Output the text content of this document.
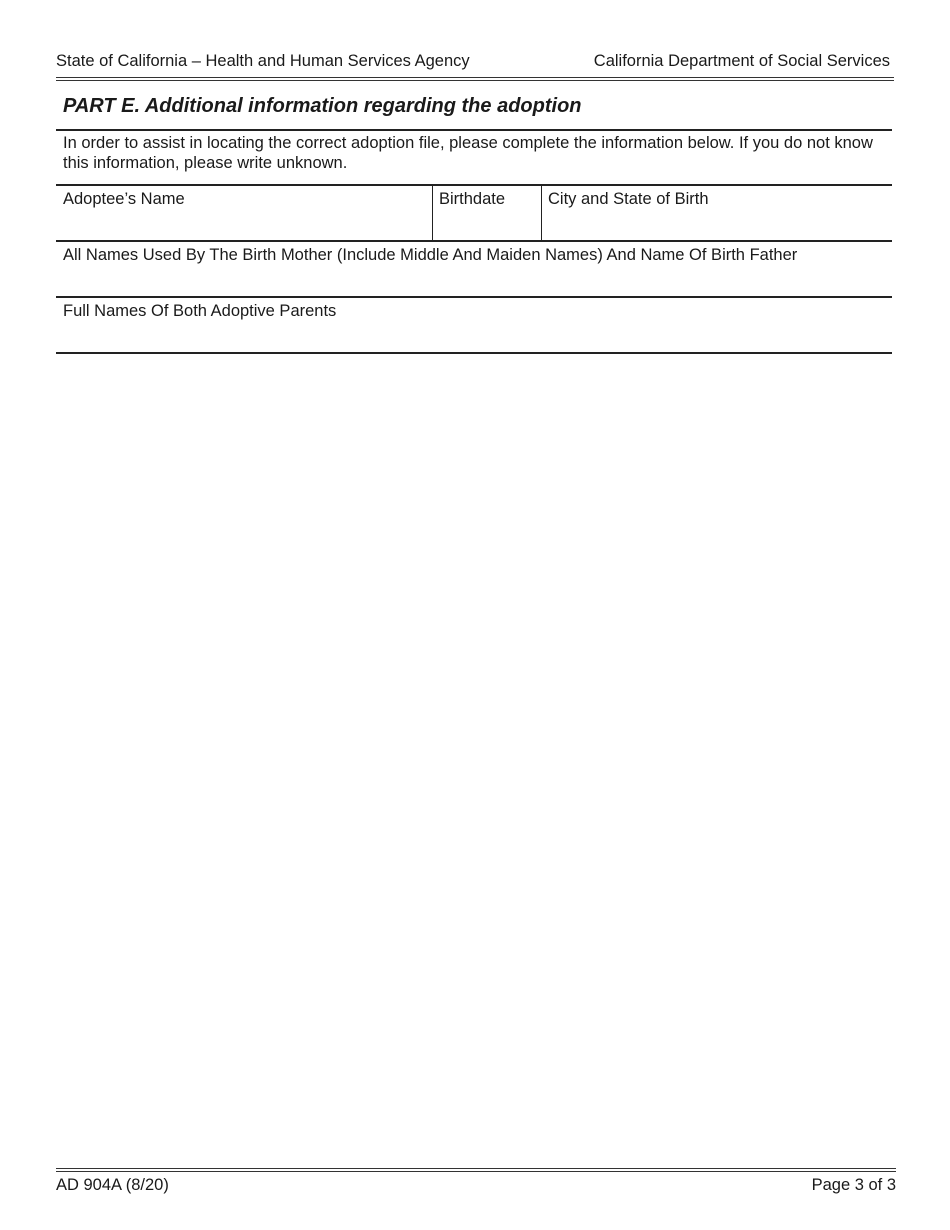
State of California – Health and Human Services Agency	California Department of Social Services
PART E. Additional information regarding the adoption
In order to assist in locating the correct adoption file, please complete the information below. If you do not know this information, please write unknown.
Adoptee’s Name	Birthdate	City and State of Birth
All Names Used By The Birth Mother (Include Middle And Maiden Names) And Name Of Birth Father
Full Names Of Both Adoptive Parents
AD 904A (8/20)	Page 3 of 3
